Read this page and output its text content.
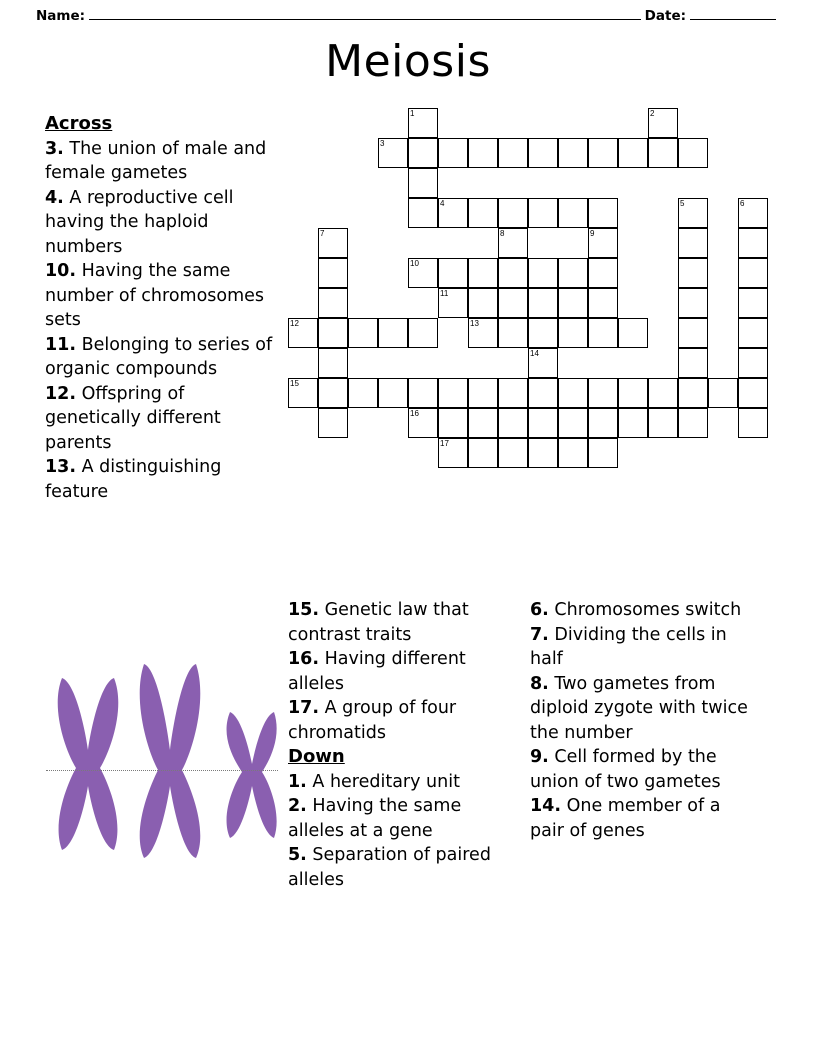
Name:	Date:
Meiosis
Across

3. The union of male and female gametes

4. A reproductive cell having the haploid numbers

10. Having the same number of chromosomes sets

11. Belonging to series of organic compounds

12. Offspring of genetically different parents

13. A distinguishing feature

1	2
3
4	5	6
7	8	9
10
11
12	13
14
15
16
17

15. Genetic law that contrast traits

16. Having different alleles

17. A group of four chromatids

Down

1. A hereditary unit

2. Having the same alleles at a gene

5. Separation of paired alleles

6. Chromosomes switch

7. Dividing the cells in half

8. Two gametes from diploid zygote with twice the number

9. Cell formed by the union of two gametes

14. One member of a pair of genes
